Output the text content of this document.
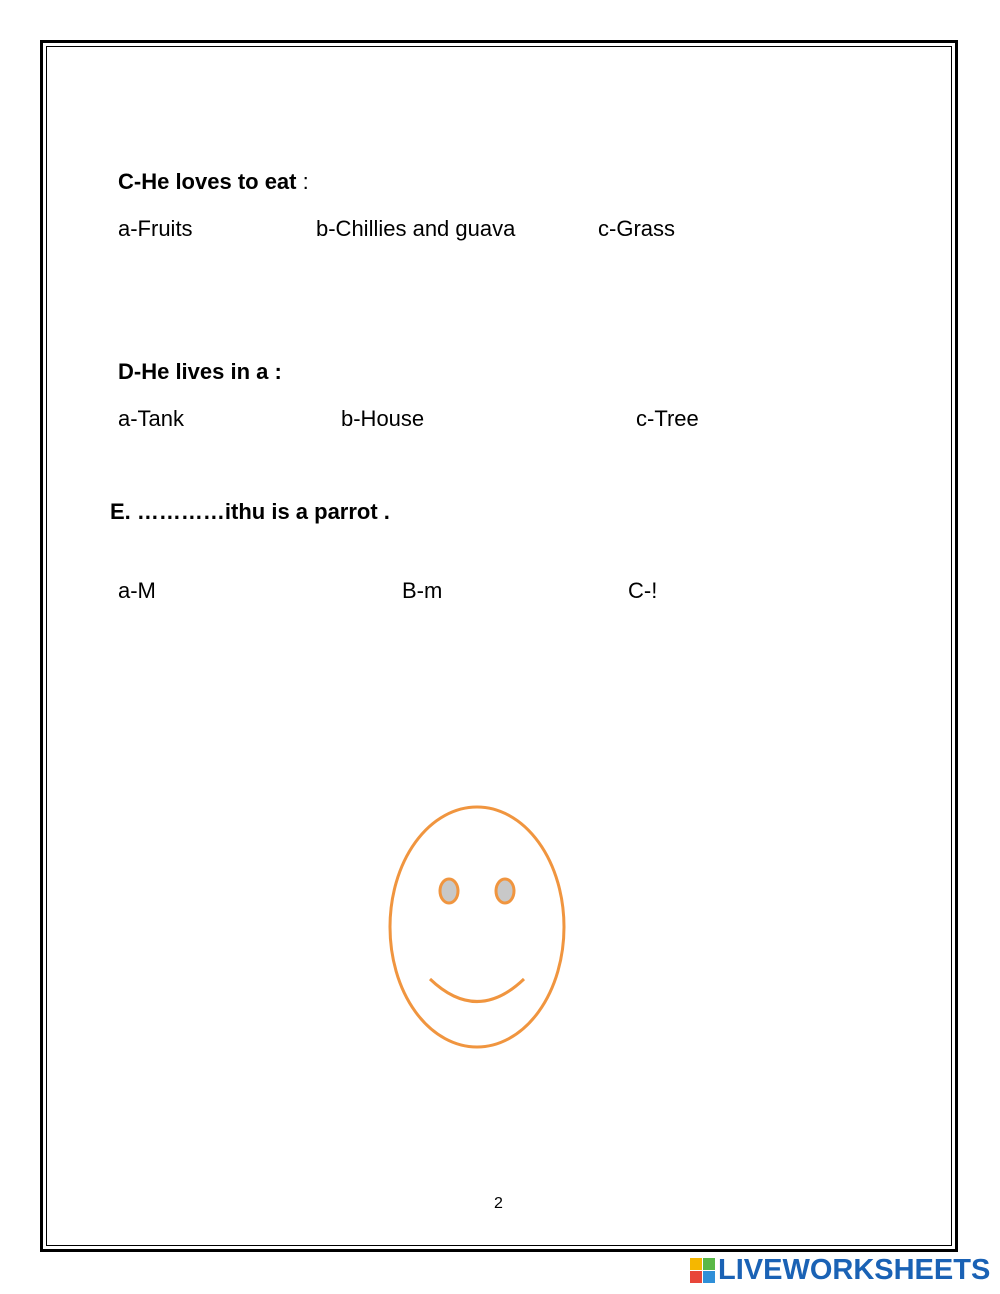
C-He loves to eat :
a-Fruits	b-Chillies and guava	c-Grass
D-He lives in a :
a-Tank	b-House	c-Tree
E. …………ithu is a parrot .
a-M	B-m	C-!
2
LIVEWORKSHEETS
